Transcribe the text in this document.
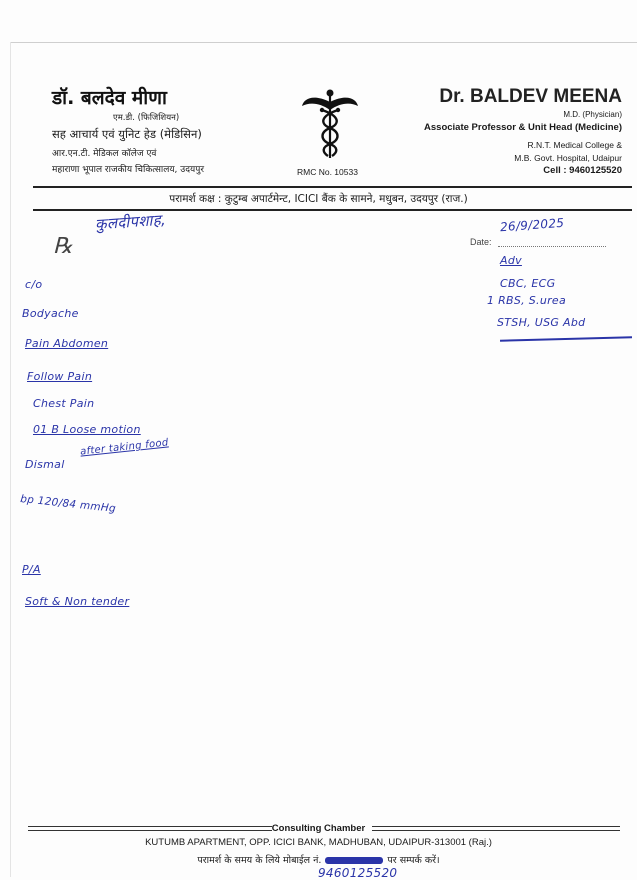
डॉ. बलदेव मीणा
एम.डी. (फिजिशियन)
सह आचार्य एवं युनिट हेड (मेडिसिन)
आर.एन.टी. मेडिकल कॉलेज एवं
महाराणा भूपाल राजकीय चिकित्सालय, उदयपुर	RMC No. 10533
Dr. BALDEV MEENA
M.D. (Physician)
Associate Professor & Unit Head (Medicine)
R.N.T. Medical College &
M.B. Govt. Hospital, Udaipur
Cell : 9460125520
परामर्श कक्ष : कुटुम्ब अपार्टमेन्ट, ICICI बैंक के सामने, मधुबन, उदयपुर (राज.)
℞	Date:
कुलदीपशाह,	26/9/2025
c/o
Bodyache
Pain Abdomen
Follow Pain
Chest Pain
01 B Loose motion
after taking food
Dismal
bp 120/84 mmHg
P/A
Soft & Non tender
Adv
CBC, ECG
1 RBS, S.urea
STSH, USG Abd
Consulting Chamber
KUTUMB APARTMENT, OPP. ICICI BANK, MADHUBAN, UDAIPUR-313001 (Raj.)
परामर्श के समय के लिये मोबाईल नं.	पर सम्पर्क करें।
9460125520
